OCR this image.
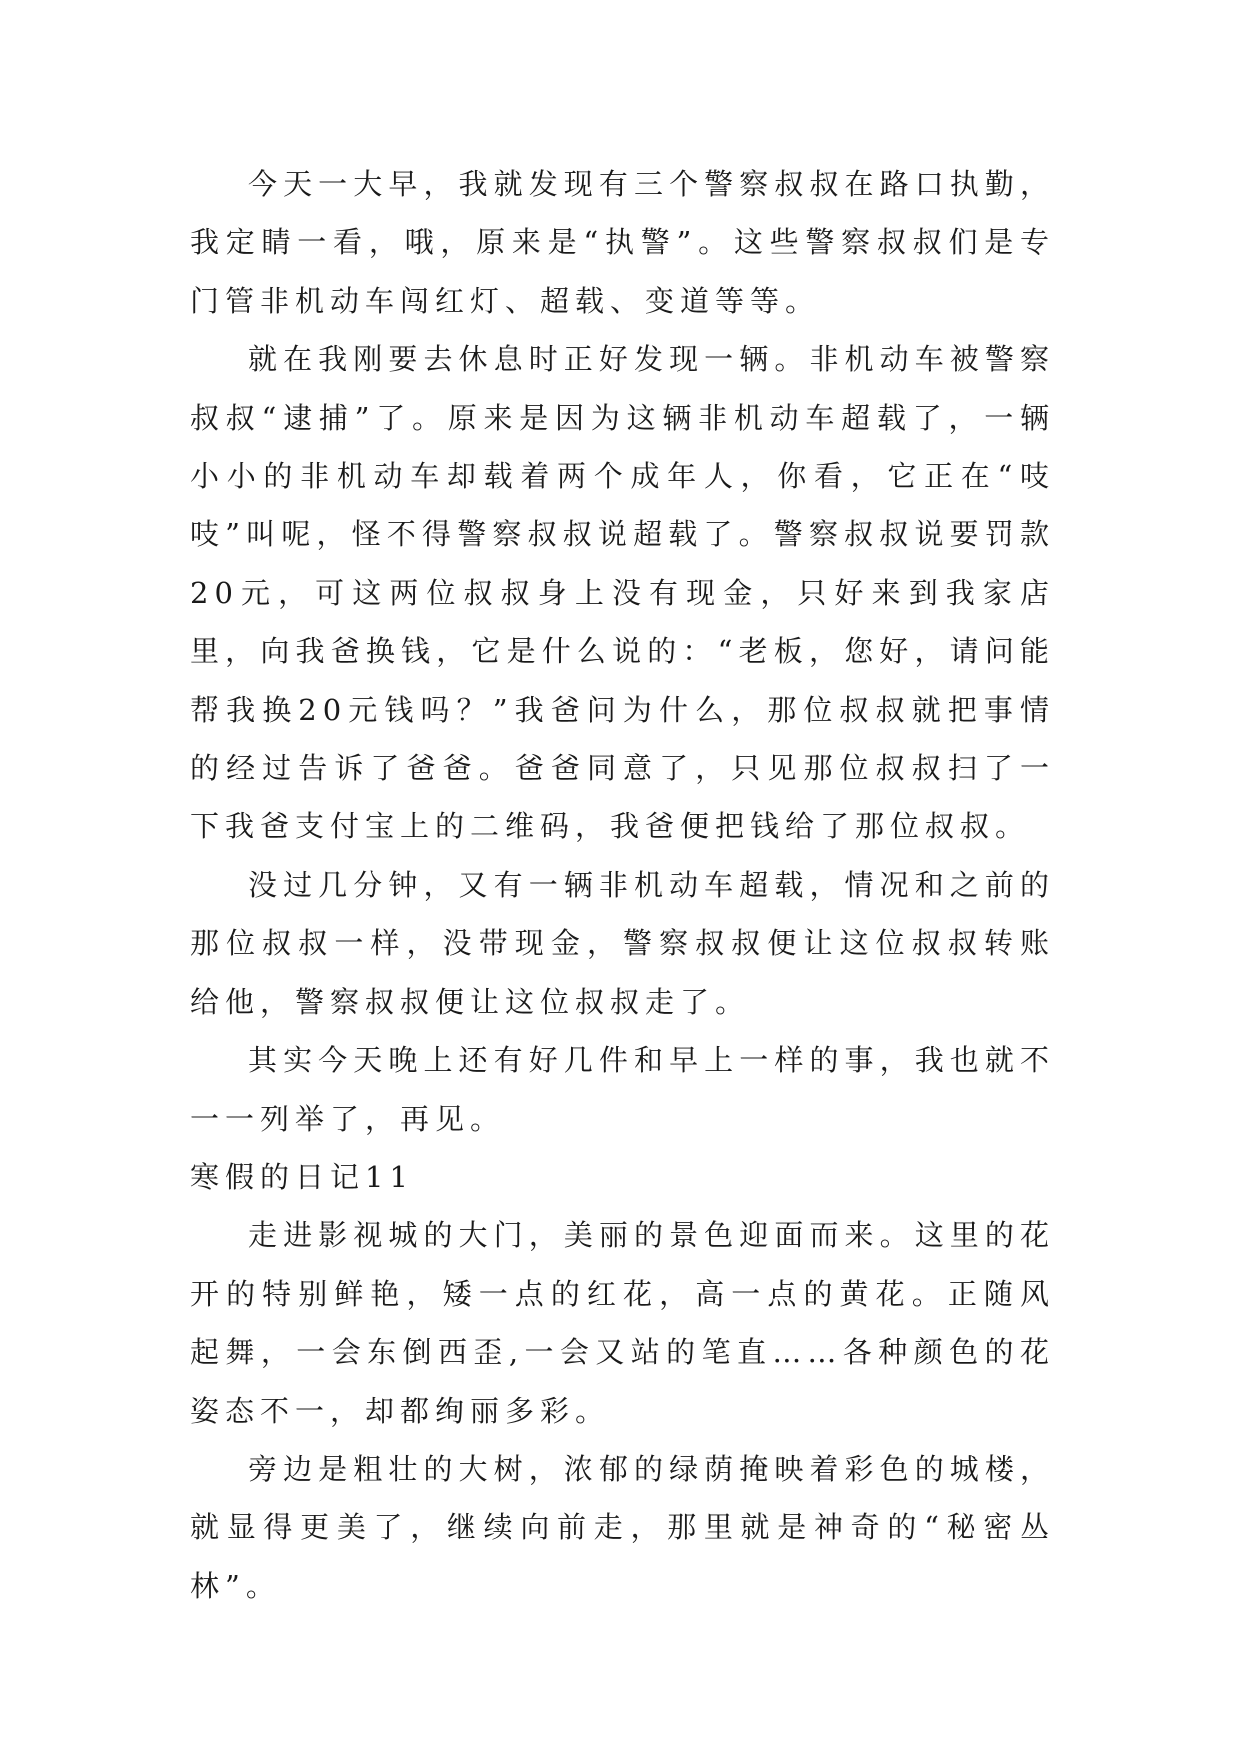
今天一大早，我就发现有三个警察叔叔在路口执勤，我定睛一看，哦，原来是“执警”。这些警察叔叔们是专门管非机动车闯红灯、超载、变道等等。

就在我刚要去休息时正好发现一辆。非机动车被警察叔叔“逮捕”了。原来是因为这辆非机动车超载了，一辆小小的非机动车却载着两个成年人，你看，它正在“吱吱”叫呢，怪不得警察叔叔说超载了。警察叔叔说要罚款20元，可这两位叔叔身上没有现金，只好来到我家店里，向我爸换钱，它是什么说的：“老板，您好，请问能帮我换20元钱吗？”我爸问为什么，那位叔叔就把事情的经过告诉了爸爸。爸爸同意了，只见那位叔叔扫了一下我爸支付宝上的二维码，我爸便把钱给了那位叔叔。

没过几分钟，又有一辆非机动车超载，情况和之前的那位叔叔一样，没带现金，警察叔叔便让这位叔叔转账给他，警察叔叔便让这位叔叔走了。

其实今天晚上还有好几件和早上一样的事，我也就不一一列举了，再见。

寒假的日记11

走进影视城的大门，美丽的景色迎面而来。这里的花开的特别鲜艳，矮一点的红花，高一点的黄花。正随风起舞，一会东倒西歪,一会又站的笔直……各种颜色的花姿态不一，却都绚丽多彩。

旁边是粗壮的大树，浓郁的绿荫掩映着彩色的城楼，就显得更美了，继续向前走，那里就是神奇的“秘密丛林”。
